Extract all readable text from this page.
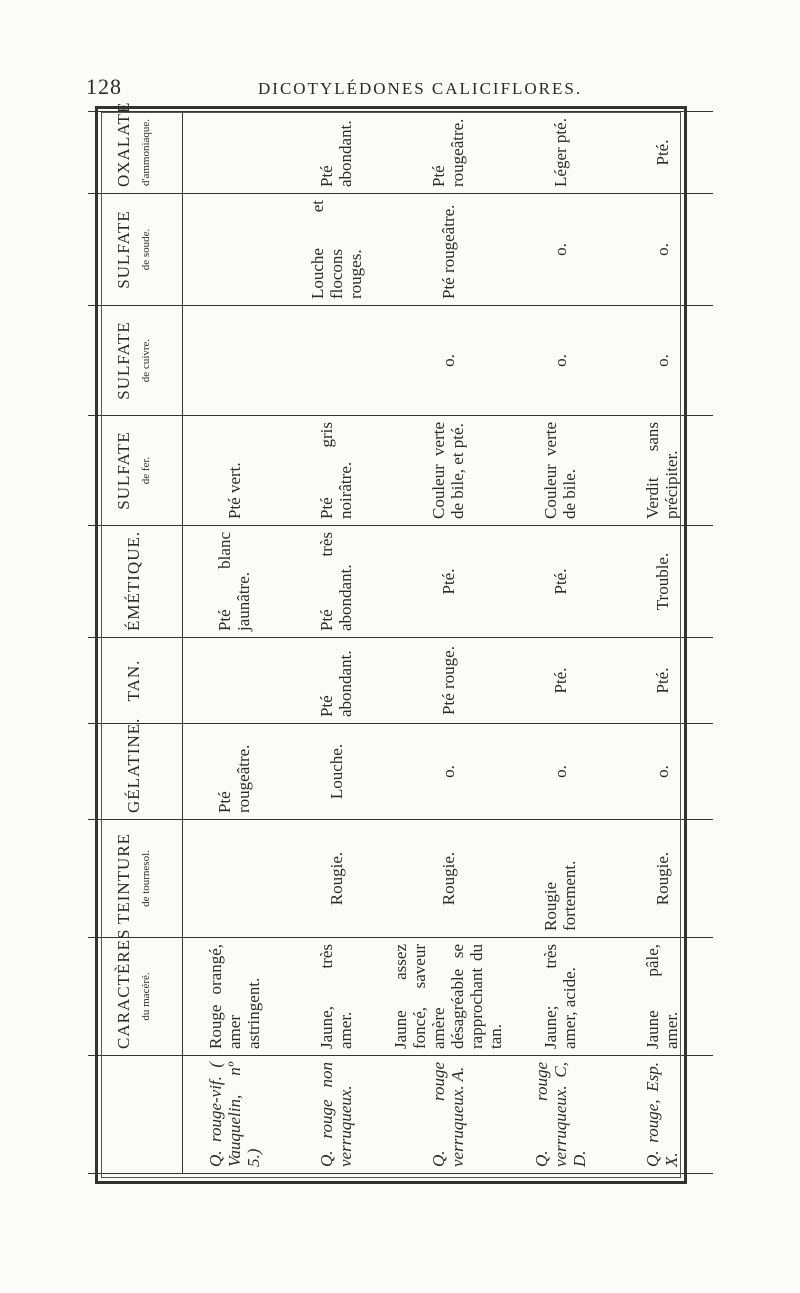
128	DICOTYLÉDONES CALICIFLORES.

	CARACTÈRES du macéré.	TEINTURE de tournesol.	GÉLATINE.	TAN.	ÉMÉTIQUE.	SULFATE de fer.	SULFATE de cuivre.	SULFATE de soude.	OXALATE d'ammoniaque.

Q. rouge-vif. ( Vauquelin, nº 5.)	Rouge orangé, amer astringent.		Pté rougeâtre.		Pté blanc jaunâtre.	Pté vert.			
Q. rouge non verruqueux.	Jaune, très amer.	Rougie.	Louche.	Pté abondant.	Pté très abondant.	Pté gris noirâtre.		Louche et flocons rouges.	Pté abondant.
Q. rouge verruqueux. A.	Jaune assez foncé, saveur amère désagréable se rapprochant du tan.	Rougie.	o.	Pté rouge.	Pté.	Couleur verte de bile, et pté.	o.	Pté rougeâtre.	Pté rougeâtre.
Q. rouge verruqueux. C, D.	Jaune; très amer, acide.	Rougie fortement.	o.	Pté.	Pté.	Couleur verte de bile.	o.	o.	Léger pté.
Q. rouge, Esp. X.	Jaune pâle, amer.	Rougie.	o.	Pté.	Trouble.	Verdit sans précipiter.	o.	o.	Pté.
